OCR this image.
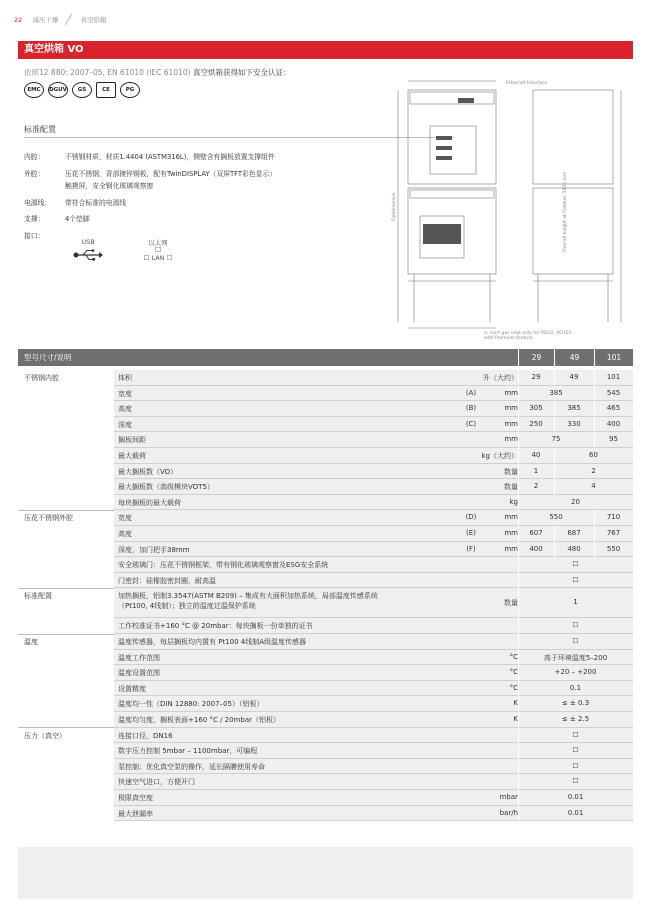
22 减压干燥	真空烘箱
真空烘箱 VO
依照12 880: 2007–05, EN 61010 (IEC 61010) 真空烘箱获得如下安全认证：
EMC	DGUV	GS	CE	PG
标准配置
内腔：	不锈钢材质，材质1.4404 (ASTM316L)，侧壁含有搁板放置支撑组件
外腔：	压花不锈钢，背部镀锌钢板，配有TwinDISPLAY（双屏TFT彩色显示）
触摸屏，安全钢化玻璃观察窗
电源线： 带符合标准的电源线
支撑：	4个垫脚
接口：
USB	以太网
☐
☐ LAN ☐
Ethernet-Interface
Optionalrack	Overall height at Flatline: 1850 mm
a: inert gas inlet only for VOcO, VO101
with Premium feature
型号尺寸/说明	29	49	101
不锈钢内腔	体积	升（大约）	29	49	101
宽度	(A)	mm	385	545
高度	(B)	mm	305	385	465
深度	(C)	mm	250	330	400
搁板间距	mm	75	95
最大载荷	kg（大约）	40	60
最大搁板数（VO）	数量	1	2
最大搁板数（高级模块VOT5）	数量	2	4
每块搁板的最大载荷	kg	20
压花不锈钢外腔	宽度	(D)	mm	550	710
高度	(E)	mm	607	687	767
深度，加门把手38mm	(F)	mm	400	480	550
安全玻璃门：压花不锈钢框架，带有钢化玻璃观察窗及ESG安全系统	☐
门密封：硅橡胶密封圈，耐高温	☐
标准配置	加热搁板，铝制3.3547(ASTM B209) – 集成有大面积加热系统，局部温度传感系统
（Pt100, 4线制）；独立的温度过温保护系统	数量	1
工作校准证书+160 °C @ 20mbar：每块搁板一份单独的证书	☐
温度	温度传感器，每层搁板均内置有 Pt100 4线制A级温度传感器	☐
温度工作范围	°C	高于环境温度5–200
温度设置范围	°C	+20 – +200
设置精度	°C	0.1
温度均一性（DIN 12880: 2007–05）（铝板）	K	≤ ± 0.3
温度均匀度，搁板表面+160 °C / 20mbar（铝板）	K	≤ ± 2.5
压力（真空）	连接口径，DN16	☐
数字压力控制 5mbar – 1100mbar，可编程	☐
泵控制：优化真空泵的操作，延长隔膜使用寿命	☐
快速空气进口，方便开门	☐
极限真空度	mbar	0.01
最大泄漏率	bar/h	0.01
